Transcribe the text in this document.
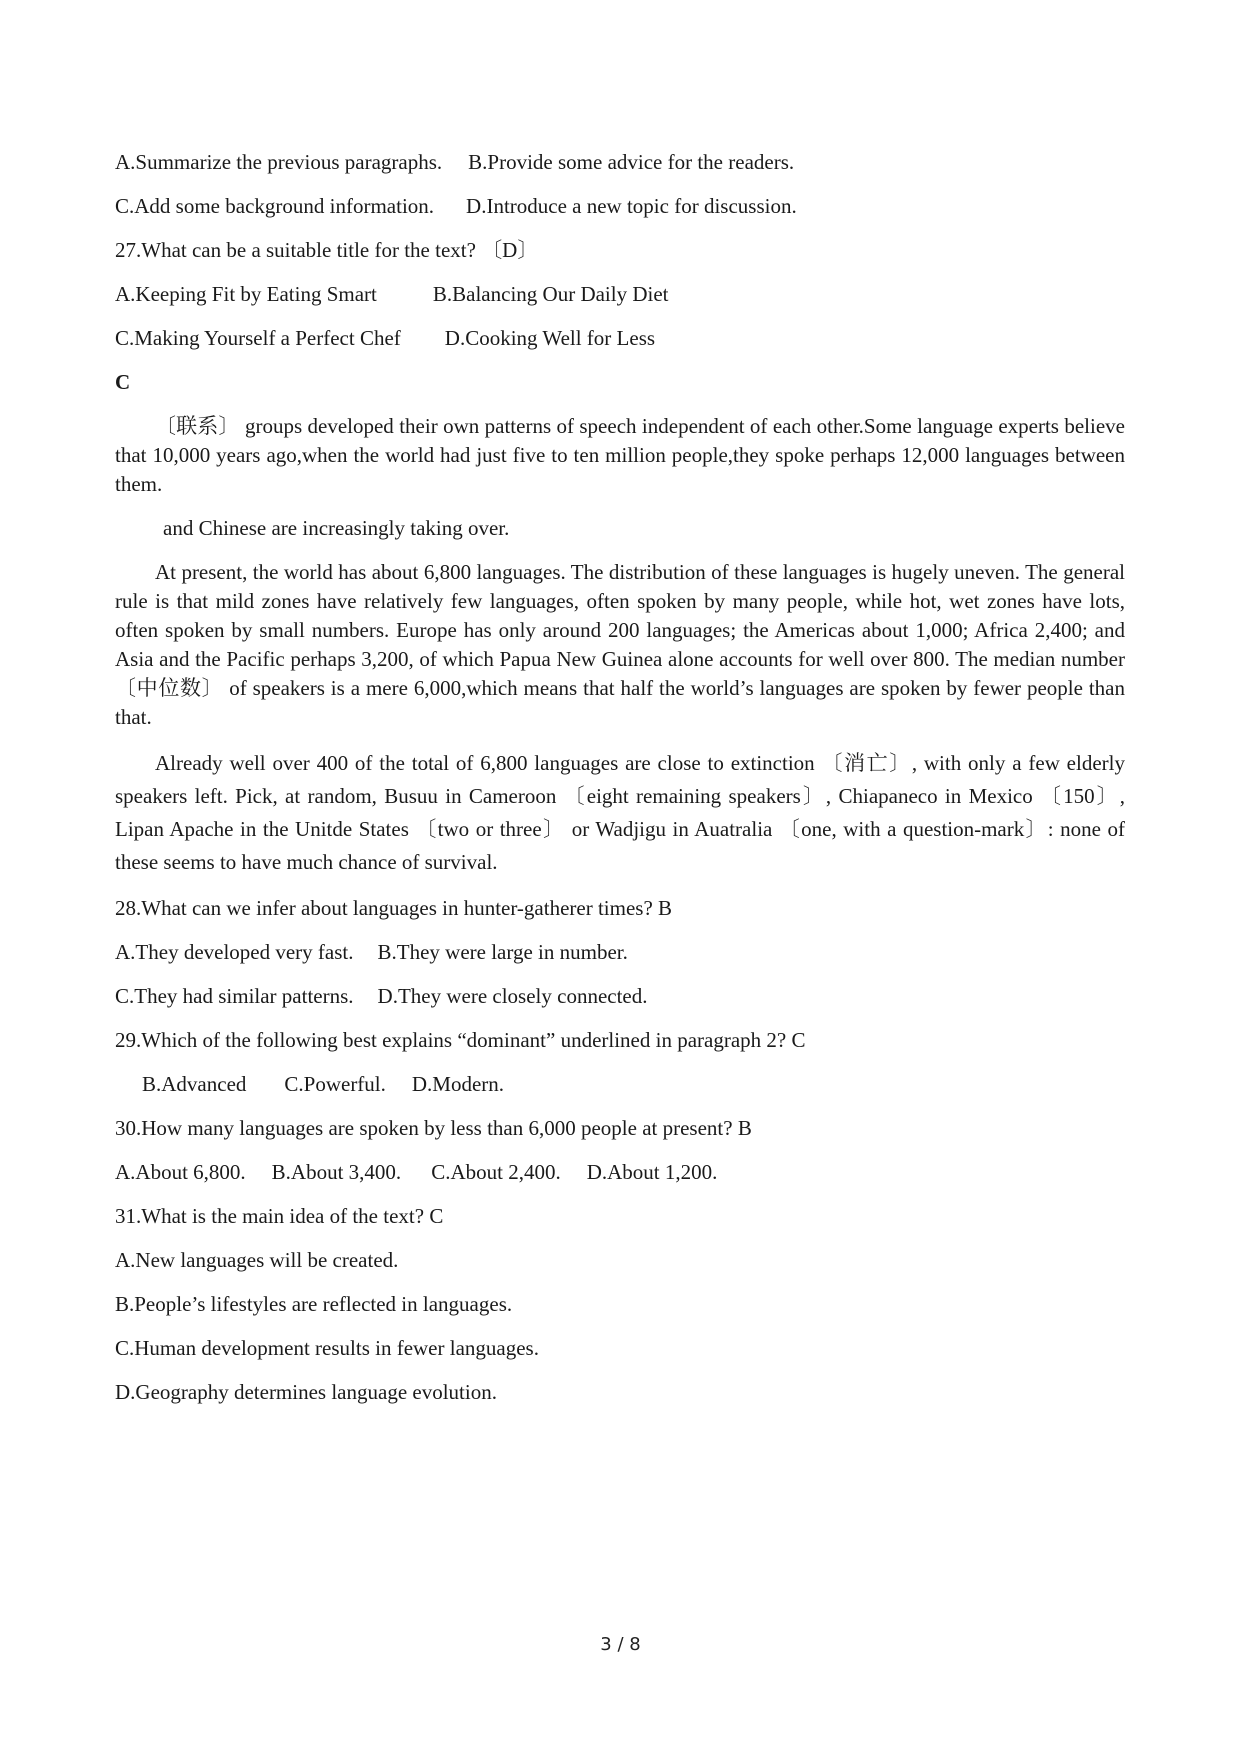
A.Summarize the previous paragraphs. B.Provide some advice for the readers.
C.Add some background information. D.Introduce a new topic for discussion.
27.What can be a suitable title for the text? 〔D〕
A.Keeping Fit by Eating Smart	B.Balancing Our Daily Diet
C.Making Yourself a Perfect Chef D.Cooking Well for Less
C

〔联系〕 groups developed their own patterns of speech independent of each other.Some language experts believe that 10,000 years ago,when the world had just five to ten million people,they spoke perhaps 12,000 languages between them.

and Chinese are increasingly taking over.

At present, the world has about 6,800 languages. The distribution of these languages is hugely uneven. The general rule is that mild zones have relatively few languages, often spoken by many people, while hot, wet zones have lots, often spoken by small numbers. Europe has only around 200 languages; the Americas about 1,000; Africa 2,400; and Asia and the Pacific perhaps 3,200, of which Papua New Guinea alone accounts for well over 800. The median number 〔中位数〕 of speakers is a mere 6,000,which means that half the world’s languages are spoken by fewer people than that.

Already well over 400 of the total of 6,800 languages are close to extinction 〔消亡〕, with only a few elderly speakers left. Pick, at random, Busuu in Cameroon 〔eight remaining speakers〕, Chiapaneco in Mexico 〔150〕, Lipan Apache in the Unitde States 〔two or three〕 or Wadjigu in Auatralia 〔one, with a question-mark〕: none of these seems to have much chance of survival.

28.What can we infer about languages in hunter-gatherer times? B
A.They developed very fast. B.They were large in number.
C.They had similar patterns. D.They were closely connected.
29.Which of the following best explains “dominant” underlined in paragraph 2? C
B.Advanced C.Powerful. D.Modern.
30.How many languages are spoken by less than 6,000 people at present? B
A.About 6,800. B.About 3,400. C.About 2,400. D.About 1,200.
31.What is the main idea of the text? C
A.New languages will be created.
B.People’s lifestyles are reflected in languages.
C.Human development results in fewer languages.
D.Geography determines language evolution.
3 / 8
